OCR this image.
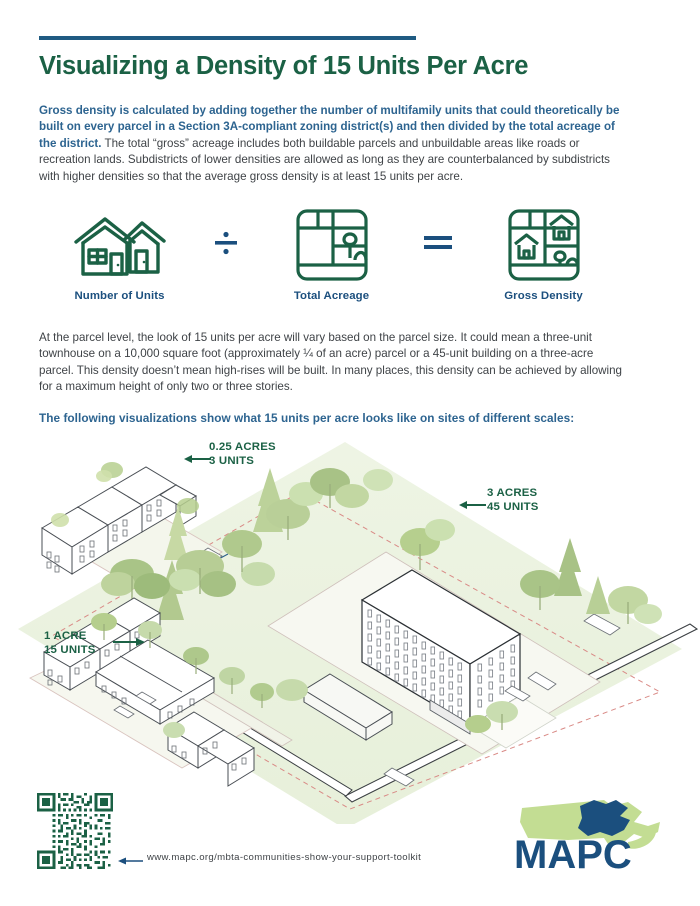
Visualizing a Density of 15 Units Per Acre
Gross density is calculated by adding together the number of multifamily units that could theoretically be built on every parcel in a Section 3A-compliant zoning district(s) and then divided by the total acreage of the district. The total “gross” acreage includes both buildable parcels and unbuildable areas like roads or recreation lands. Subdistricts of lower densities are allowed as long as they are counterbalanced by subdistricts with higher densities so that the average gross density is at least 15 units per acre.
Number of Units	Total Acreage	Gross Density
At the parcel level, the look of 15 units per acre will vary based on the parcel size. It could mean a three-unit townhouse on a 10,000 square foot (approximately ¼ of an acre) parcel or a 45-unit building on a three-acre parcel. This density doesn’t mean high-rises will be built. In many places, this density can be achieved by allowing for a maximum height of only two or three stories.
The following visualizations show what 15 units per acre looks like on sites of different scales:
0.25 ACRES
3 UNITS
3 ACRES
45 UNITS
1 ACRE
15 UNITS
www.mapc.org/mbta-communities-show-your-support-toolkit MAPC
